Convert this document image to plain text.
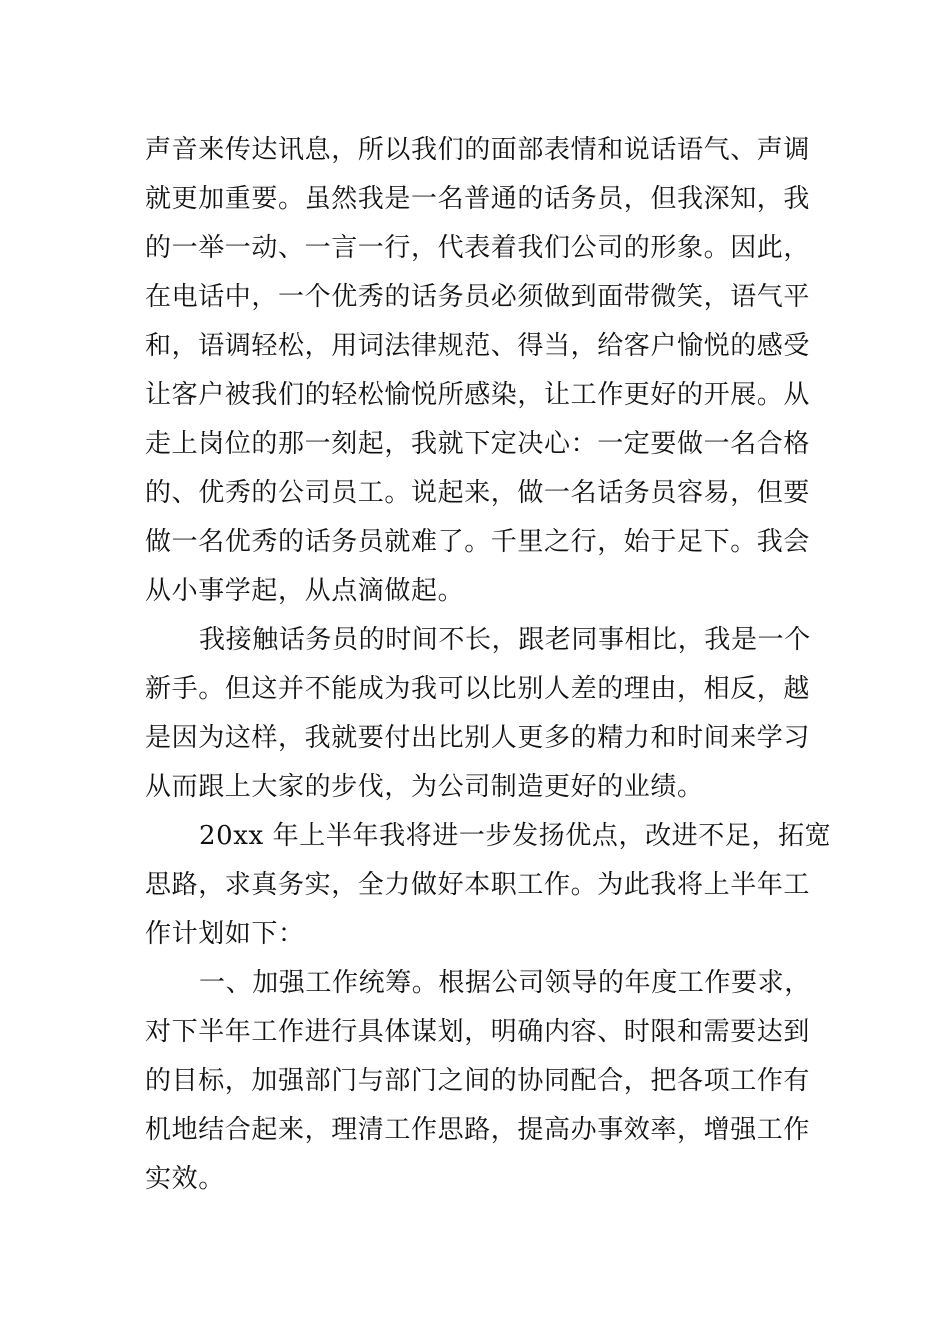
声音来传达讯息，所以我们的面部表情和说话语气、声调
就更加重要。虽然我是一名普通的话务员，但我深知，我
的一举一动、一言一行，代表着我们公司的形象。因此，
在电话中，一个优秀的话务员必须做到面带微笑，语气平
和，语调轻松，用词法律规范、得当，给客户愉悦的感受
让客户被我们的轻松愉悦所感染，让工作更好的开展。从
走上岗位的那一刻起，我就下定决心：一定要做一名合格
的、优秀的公司员工。说起来，做一名话务员容易，但要
做一名优秀的话务员就难了。千里之行，始于足下。我会
从小事学起，从点滴做起。
我接触话务员的时间不长，跟老同事相比，我是一个
新手。但这并不能成为我可以比别人差的理由，相反，越
是因为这样，我就要付出比别人更多的精力和时间来学习
从而跟上大家的步伐，为公司制造更好的业绩。
20xx 年上半年我将进一步发扬优点，改进不足，拓宽
思路，求真务实，全力做好本职工作。为此我将上半年工
作计划如下：
一、加强工作统筹。根据公司领导的年度工作要求，
对下半年工作进行具体谋划，明确内容、时限和需要达到
的目标，加强部门与部门之间的协同配合，把各项工作有
机地结合起来，理清工作思路，提高办事效率，增强工作
实效。
